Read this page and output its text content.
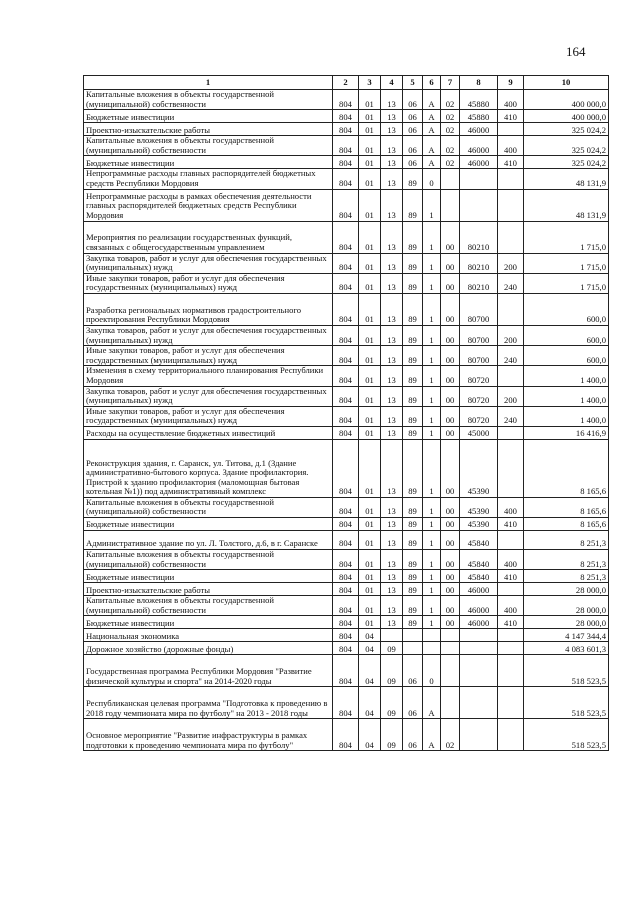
164
1	2	3	4	5	6	7	8	9	10
Капитальные вложения в объекты государственной (муниципальной) собственности	804	01	13	06	А	02	45880	400	400 000,0
Бюджетные инвестиции	804	01	13	06	А	02	45880	410	400 000,0
Проектно-изыскательские работы	804	01	13	06	А	02	46000		325 024,2
Капитальные вложения в объекты государственной (муниципальной) собственности	804	01	13	06	А	02	46000	400	325 024,2
Бюджетные инвестиции	804	01	13	06	А	02	46000	410	325 024,2
Непрограммные расходы главных распорядителей бюджетных средств Республики Мордовия	804	01	13	89	0				48 131,9
Непрограммные расходы в рамках обеспечения деятельности главных распорядителей бюджетных средств Республики Мордовия	804	01	13	89	1				48 131,9
Мероприятия по реализации государственных функций, связанных с общегосударственным управлением	804	01	13	89	1	00	80210		1 715,0
Закупка товаров, работ и услуг для обеспечения государственных (муниципальных) нужд	804	01	13	89	1	00	80210	200	1 715,0
Иные закупки товаров, работ и услуг для обеспечения государственных (муниципальных) нужд	804	01	13	89	1	00	80210	240	1 715,0
Разработка региональных нормативов градостроительного проектирования Республики Мордовия	804	01	13	89	1	00	80700		600,0
Закупка товаров, работ и услуг для обеспечения государственных (муниципальных) нужд	804	01	13	89	1	00	80700	200	600,0
Иные закупки товаров, работ и услуг для обеспечения государственных (муниципальных) нужд	804	01	13	89	1	00	80700	240	600,0
Изменения в схему территориального планирования Республики Мордовия	804	01	13	89	1	00	80720		1 400,0
Закупка товаров, работ и услуг для обеспечения государственных (муниципальных) нужд	804	01	13	89	1	00	80720	200	1 400,0
Иные закупки товаров, работ и услуг для обеспечения государственных (муниципальных) нужд	804	01	13	89	1	00	80720	240	1 400,0
Расходы на осуществление бюджетных инвестиций	804	01	13	89	1	00	45000		16 416,9
Реконструкция здания, г. Саранск, ул. Титова, д.1 (Здание административно-бытового корпуса. Здание профилактория. Пристрой к зданию профилактория (маломощная бытовая котельная №1)) под административный комплекс	804	01	13	89	1	00	45390		8 165,6
Капитальные вложения в объекты государственной (муниципальной) собственности	804	01	13	89	1	00	45390	400	8 165,6
Бюджетные инвестиции	804	01	13	89	1	00	45390	410	8 165,6
Административное здание по ул. Л. Толстого, д.6, в г. Саранске	804	01	13	89	1	00	45840		8 251,3
Капитальные вложения в объекты государственной (муниципальной) собственности	804	01	13	89	1	00	45840	400	8 251,3
Бюджетные инвестиции	804	01	13	89	1	00	45840	410	8 251,3
Проектно-изыскательские работы	804	01	13	89	1	00	46000		28 000,0
Капитальные вложения в объекты государственной (муниципальной) собственности	804	01	13	89	1	00	46000	400	28 000,0
Бюджетные инвестиции	804	01	13	89	1	00	46000	410	28 000,0
Национальная экономика	804	04							4 147 344,4
Дорожное хозяйство (дорожные фонды)	804	04	09						4 083 601,3
Государственная программа Республики Мордовия "Развитие физической культуры и спорта" на 2014-2020 годы	804	04	09	06	0				518 523,5
Республиканская целевая программа "Подготовка к проведению в 2018 году чемпионата мира по футболу" на 2013 - 2018 годы	804	04	09	06	А				518 523,5
Основное мероприятие "Развитие инфраструктуры в рамках подготовки к проведению чемпионата мира по футболу"	804	04	09	06	А	02			518 523,5
